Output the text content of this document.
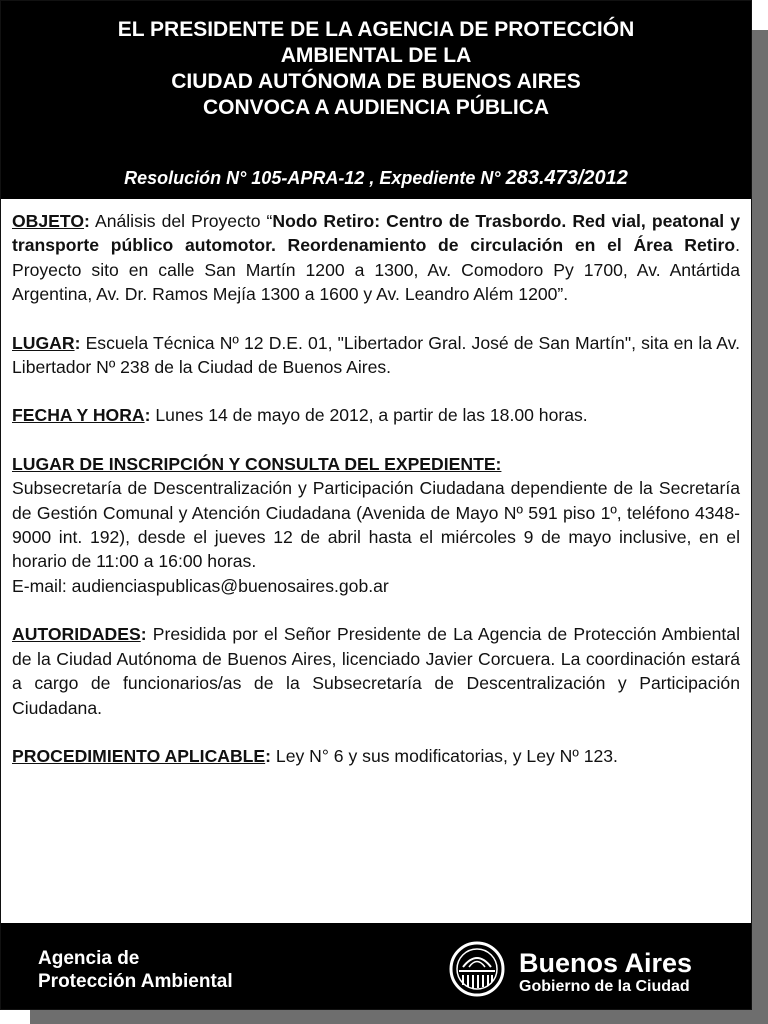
EL PRESIDENTE DE LA AGENCIA DE PROTECCIÓN
AMBIENTAL DE LA
CIUDAD AUTÓNOMA DE BUENOS AIRES
CONVOCA A AUDIENCIA PÚBLICA
Resolución N° 105-APRA-12 , Expediente N° 283.473/2012

OBJETO: Análisis del Proyecto “Nodo Retiro: Centro de Trasbordo. Red vial, peatonal y transporte público automotor. Reordenamiento de circulación en el Área Retiro. Proyecto sito en calle San Martín 1200 a 1300, Av. Comodoro Py 1700, Av. Antártida Argentina, Av. Dr. Ramos Mejía 1300 a 1600 y Av. Leandro Além 1200”.

LUGAR: Escuela Técnica Nº 12 D.E. 01, "Libertador Gral. José de San Martín", sita en la Av. Libertador Nº 238 de la Ciudad de Buenos Aires.

FECHA Y HORA: Lunes 14 de mayo de 2012, a partir de las 18.00 horas.

LUGAR DE INSCRIPCIÓN Y CONSULTA DEL EXPEDIENTE:
Subsecretaría de Descentralización y Participación Ciudadana dependiente de la Secretaría de Gestión Comunal y Atención Ciudadana (Avenida de Mayo Nº 591 piso 1º, teléfono 4348-9000 int. 192), desde el jueves 12 de abril hasta el miércoles 9 de mayo inclusive, en el horario de 11:00 a 16:00 horas.
E-mail: audienciaspublicas@buenosaires.gob.ar

AUTORIDADES: Presidida por el Señor Presidente de La Agencia de Protección Ambiental de la Ciudad Autónoma de Buenos Aires, licenciado Javier Corcuera. La coordinación estará a cargo de funcionarios/as de la Subsecretaría de Descentralización y Participación Ciudadana.

PROCEDIMIENTO APLICABLE: Ley N° 6 y sus modificatorias, y Ley Nº 123.

Agencia de
Protección Ambiental
Buenos Aires
Gobierno de la Ciudad
